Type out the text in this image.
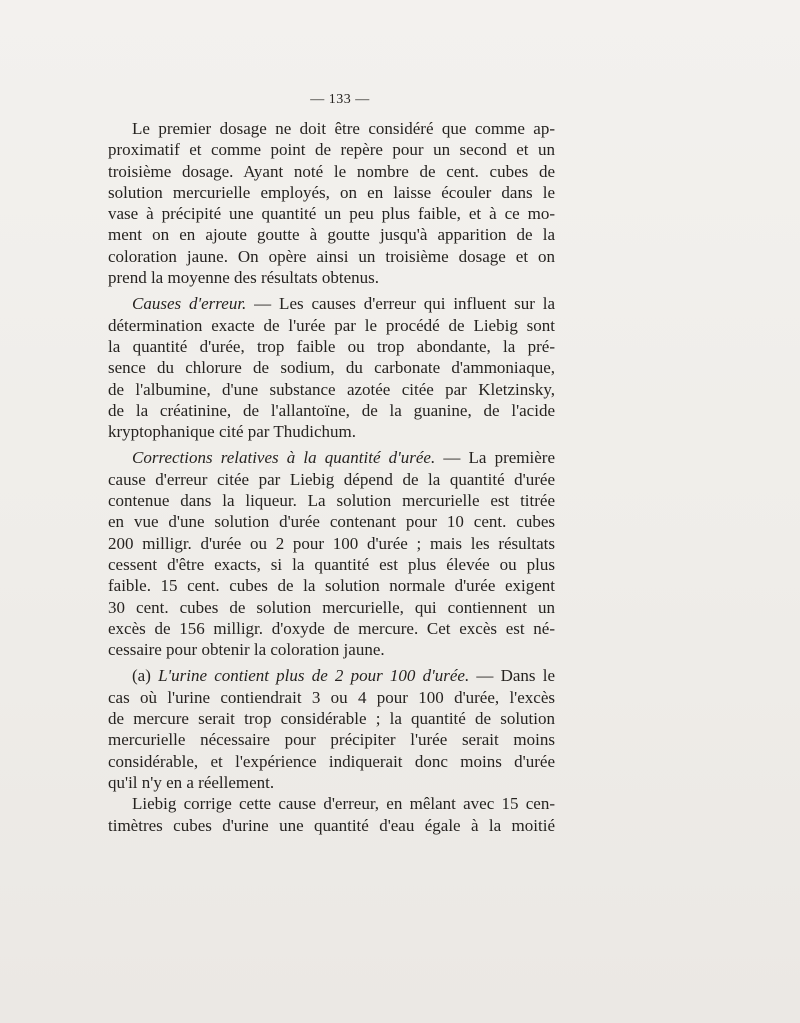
— 133 —
Le premier dosage ne doit être considéré que comme ap-
proximatif et comme point de repère pour un second et un
troisième dosage. Ayant noté le nombre de cent. cubes de
solution mercurielle employés, on en laisse écouler dans le
vase à précipité une quantité un peu plus faible, et à ce mo-
ment on en ajoute goutte à goutte jusqu'à apparition de la
coloration jaune. On opère ainsi un troisième dosage et on
prend la moyenne des résultats obtenus.
Causes d'erreur. — Les causes d'erreur qui influent sur la
détermination exacte de l'urée par le procédé de Liebig sont
la quantité d'urée, trop faible ou trop abondante, la pré-
sence du chlorure de sodium, du carbonate d'ammoniaque,
de l'albumine, d'une substance azotée citée par Kletzinsky,
de la créatinine, de l'allantoïne, de la guanine, de l'acide
kryptophanique cité par Thudichum.
Corrections relatives à la quantité d'urée. — La première
cause d'erreur citée par Liebig dépend de la quantité d'urée
contenue dans la liqueur. La solution mercurielle est titrée
en vue d'une solution d'urée contenant pour 10 cent. cubes
200 milligr. d'urée ou 2 pour 100 d'urée ; mais les résultats
cessent d'être exacts, si la quantité est plus élevée ou plus
faible. 15 cent. cubes de la solution normale d'urée exigent
30 cent. cubes de solution mercurielle, qui contiennent un
excès de 156 milligr. d'oxyde de mercure. Cet excès est né-
cessaire pour obtenir la coloration jaune.
(a) L'urine contient plus de 2 pour 100 d'urée. — Dans le
cas où l'urine contiendrait 3 ou 4 pour 100 d'urée, l'excès
de mercure serait trop considérable ; la quantité de solution
mercurielle nécessaire pour précipiter l'urée serait moins
considérable, et l'expérience indiquerait donc moins d'urée
qu'il n'y en a réellement.
Liebig corrige cette cause d'erreur, en mêlant avec 15 cen-
timètres cubes d'urine une quantité d'eau égale à la moitié
